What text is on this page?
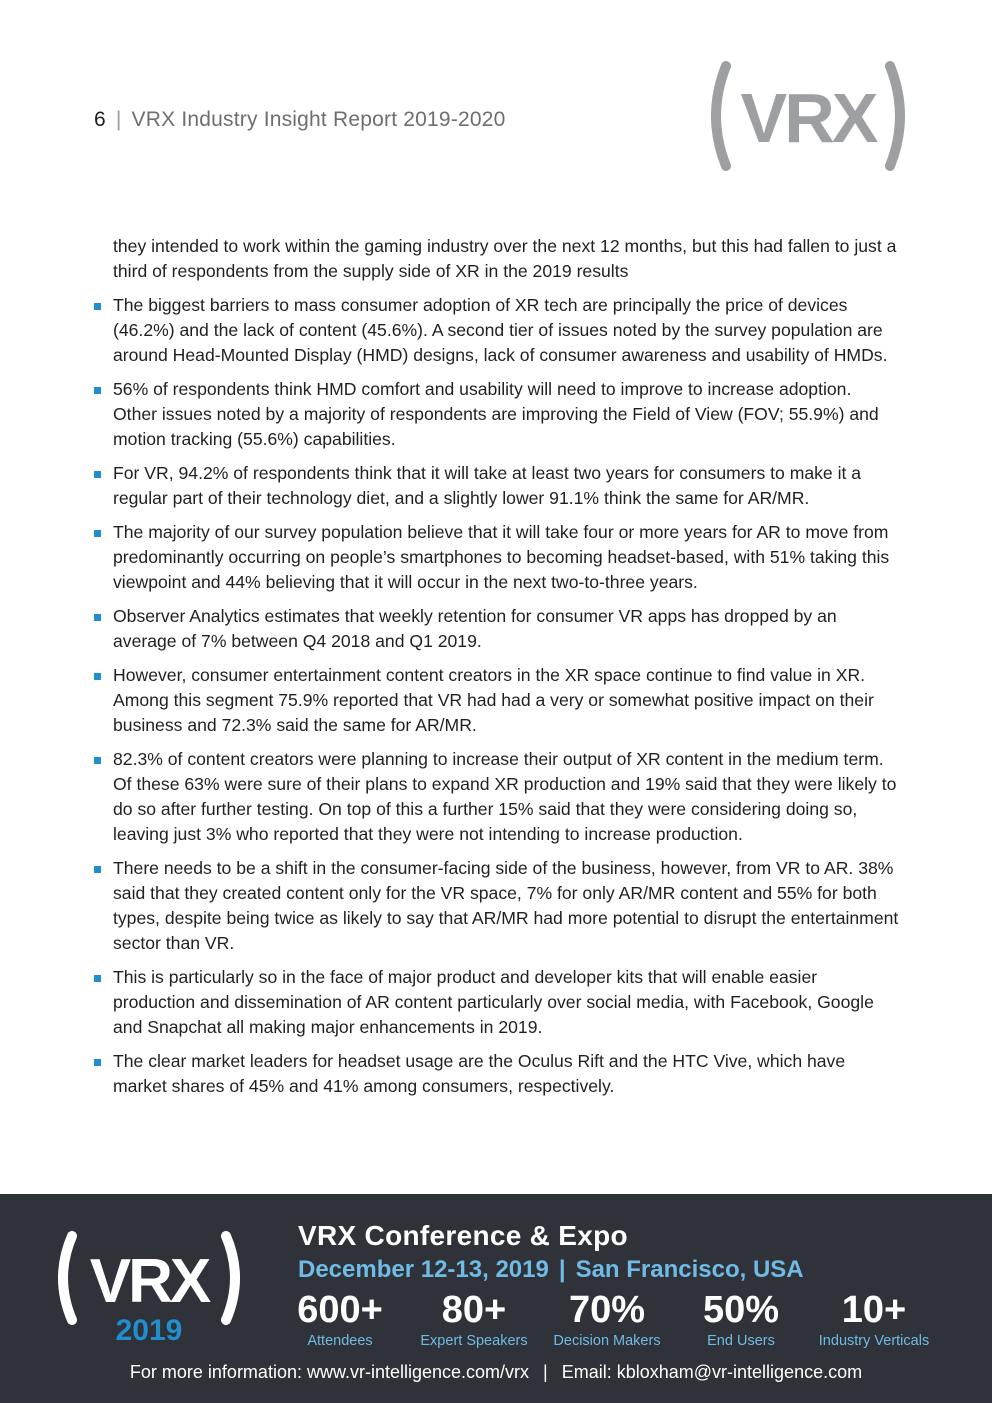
6 | VRX Industry Insight Report 2019-2020	VRX

they intended to work within the gaming industry over the next 12 months, but this had fallen to just a third of respondents from the supply side of XR in the 2019 results

The biggest barriers to mass consumer adoption of XR tech are principally the price of devices (46.2%) and the lack of content (45.6%). A second tier of issues noted by the survey population are around Head-Mounted Display (HMD) designs, lack of consumer awareness and usability of HMDs.
56% of respondents think HMD comfort and usability will need to improve to increase adoption. Other issues noted by a majority of respondents are improving the Field of View (FOV; 55.9%) and motion tracking (55.6%) capabilities.
For VR, 94.2% of respondents think that it will take at least two years for consumers to make it a regular part of their technology diet, and a slightly lower 91.1% think the same for AR/MR.
The majority of our survey population believe that it will take four or more years for AR to move from predominantly occurring on people’s smartphones to becoming headset-based, with 51% taking this viewpoint and 44% believing that it will occur in the next two-to-three years.
Observer Analytics estimates that weekly retention for consumer VR apps has dropped by an average of 7% between Q4 2018 and Q1 2019.
However, consumer entertainment content creators in the XR space continue to find value in XR. Among this segment 75.9% reported that VR had had a very or somewhat positive impact on their business and 72.3% said the same for AR/MR.
82.3% of content creators were planning to increase their output of XR content in the medium term. Of these 63% were sure of their plans to expand XR production and 19% said that they were likely to do so after further testing. On top of this a further 15% said that they were considering doing so, leaving just 3% who reported that they were not intending to increase production.
There needs to be a shift in the consumer-facing side of the business, however, from VR to AR. 38% said that they created content only for the VR space, 7% for only AR/MR content and 55% for both types, despite being twice as likely to say that AR/MR had more potential to disrupt the entertainment sector than VR.
This is particularly so in the face of major product and developer kits that will enable easier production and dissemination of AR content particularly over social media, with Facebook, Google and Snapchat all making major enhancements in 2019.
The clear market leaders for headset usage are the Oculus Rift and the HTC Vive, which have market shares of 45% and 41% among consumers, respectively.
VRX
2019
VRX Conference & Expo
December 12-13, 2019 | San Francisco, USA
600+
Attendees
80+
Expert Speakers
70%
Decision Makers
50%
End Users
10+
Industry Verticals
For more information: www.vr-intelligence.com/vrx | Email: kbloxham@vr-intelligence.com
